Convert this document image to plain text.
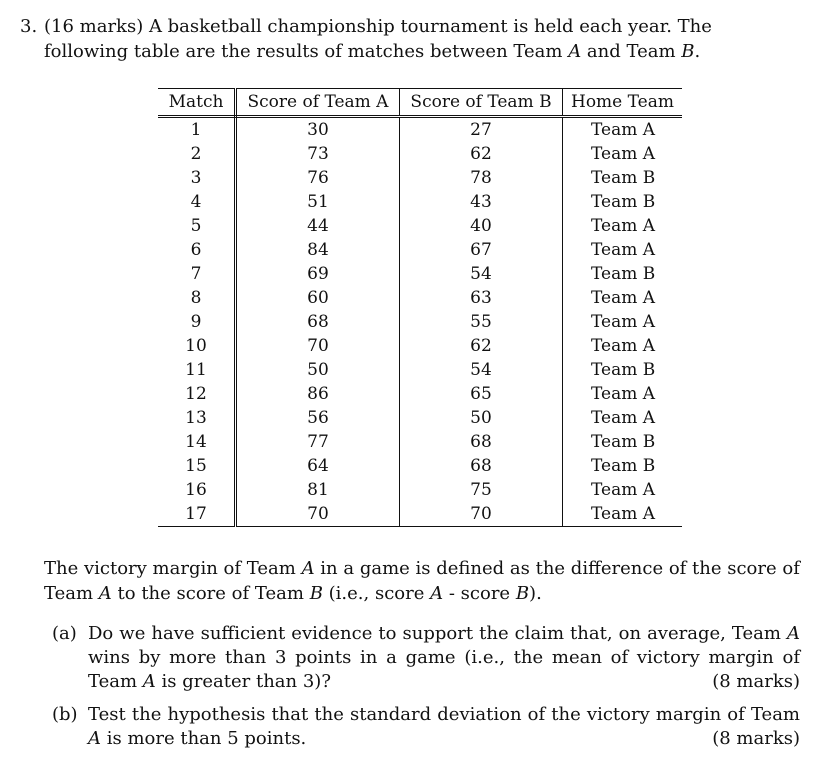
3. (16 marks) A basketball championship tournament is held each year. The following table are the results of matches between Team A and Team B.
Match	Score of Team A	Score of Team B	Home Team
1	30	27	Team A
2	73	62	Team A
3	76	78	Team B
4	51	43	Team B
5	44	40	Team A
6	84	67	Team A
7	69	54	Team B
8	60	63	Team A
9	68	55	Team A
10	70	62	Team A
11	50	54	Team B
12	86	65	Team A
13	56	50	Team A
14	77	68	Team B
15	64	68	Team B
16	81	75	Team A
17	70	70	Team A
The victory margin of Team A in a game is defined as the difference of the score of Team A to the score of Team B (i.e., score A - score B).
(a) Do we have sufficient evidence to support the claim that, on average, Team A wins by more than 3 points in a game (i.e., the mean of victory margin of Team A is greater than 3)?	(8 marks)
(b) Test the hypothesis that the standard deviation of the victory margin of Team A is more than 5 points.	(8 marks)
